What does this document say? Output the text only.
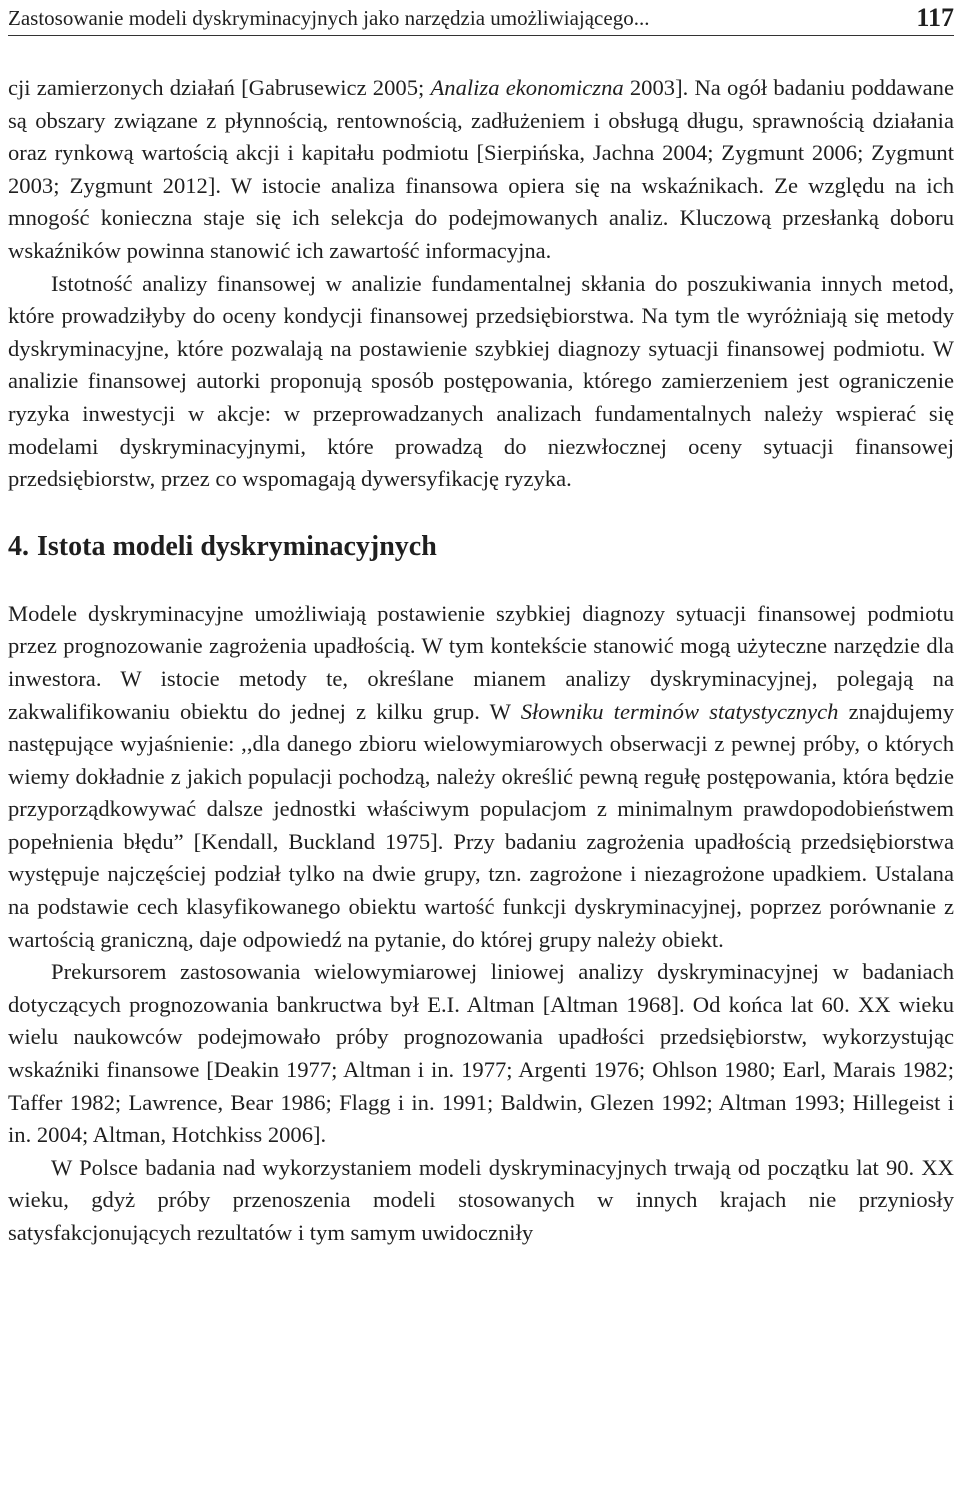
Zastosowanie modeli dyskryminacyjnych jako narzędzia umożliwiającego...	117

cji zamierzonych działań [Gabrusewicz 2005; Analiza ekonomiczna 2003]. Na ogół badaniu poddawane są obszary związane z płynnością, rentownością, zadłużeniem i obsługą długu, sprawnością działania oraz rynkową wartością akcji i kapitału podmiotu [Sierpińska, Jachna 2004; Zygmunt 2006; Zygmunt 2003; Zygmunt 2012]. W istocie analiza finansowa opiera się na wskaźnikach. Ze względu na ich mnogość konieczna staje się ich selekcja do podejmowanych analiz. Kluczową przesłanką doboru wskaźników powinna stanowić ich zawartość informacyjna.

Istotność analizy finansowej w analizie fundamentalnej skłania do poszukiwania innych metod, które prowadziłyby do oceny kondycji finansowej przedsiębiorstwa. Na tym tle wyróżniają się metody dyskryminacyjne, które pozwalają na postawienie szybkiej diagnozy sytuacji finansowej podmiotu. W analizie finansowej autorki proponują sposób postępowania, którego zamierzeniem jest ograniczenie ryzyka inwestycji w akcje: w przeprowadzanych analizach fundamentalnych należy wspierać się modelami dyskryminacyjnymi, które prowadzą do niezwłocznej oceny sytuacji finansowej przedsiębiorstw, przez co wspomagają dywersyfikację ryzyka.

4. Istota modeli dyskryminacyjnych

Modele dyskryminacyjne umożliwiają postawienie szybkiej diagnozy sytuacji finansowej podmiotu przez prognozowanie zagrożenia upadłością. W tym kontekście stanowić mogą użyteczne narzędzie dla inwestora. W istocie metody te, określane mianem analizy dyskryminacyjnej, polegają na zakwalifikowaniu obiektu do jednej z kilku grup. W Słowniku terminów statystycznych znajdujemy następujące wyjaśnienie: ,,dla danego zbioru wielowymiarowych obserwacji z pewnej próby, o których wiemy dokładnie z jakich populacji pochodzą, należy określić pewną regułę postępowania, która będzie przyporządkowywać dalsze jednostki właściwym populacjom z minimalnym prawdopodobieństwem popełnienia błędu” [Kendall, Buckland 1975]. Przy badaniu zagrożenia upadłością przedsiębiorstwa występuje najczęściej podział tylko na dwie grupy, tzn. zagrożone i niezagrożone upadkiem. Ustalana na podstawie cech klasyfikowanego obiektu wartość funkcji dyskryminacyjnej, poprzez porównanie z wartością graniczną, daje odpowiedź na pytanie, do której grupy należy obiekt.

Prekursorem zastosowania wielowymiarowej liniowej analizy dyskryminacyjnej w badaniach dotyczących prognozowania bankructwa był E.I. Altman [Altman 1968]. Od końca lat 60. XX wieku wielu naukowców podejmowało próby prognozowania upadłości przedsiębiorstw, wykorzystując wskaźniki finansowe [Deakin 1977; Altman i in. 1977; Argenti 1976; Ohlson 1980; Earl, Marais 1982; Taffer 1982; Lawrence, Bear 1986; Flagg i in. 1991; Baldwin, Glezen 1992; Altman 1993; Hillegeist i in. 2004; Altman, Hotchkiss 2006].

W Polsce badania nad wykorzystaniem modeli dyskryminacyjnych trwają od początku lat 90. XX wieku, gdyż próby przenoszenia modeli stosowanych w innych krajach nie przyniosły satysfakcjonujących rezultatów i tym samym uwidoczniły
